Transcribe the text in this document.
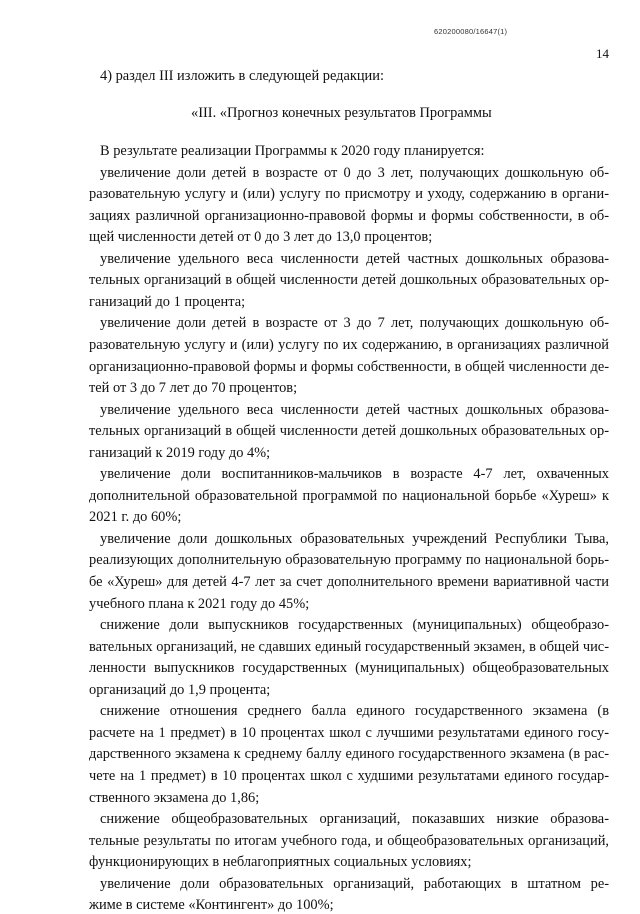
620200080/16647(1)
14
4) раздел III изложить в следующей редакции:
«III. «Прогноз конечных результатов Программы
В результате реализации Программы к 2020 году планируется:
увеличение доли детей в возрасте от 0 до 3 лет, получающих дошкольную об-
разовательную услугу и (или) услугу по присмотру и уходу, содержанию в органи-
зациях различной организационно-правовой формы и формы собственности, в об-
щей численности детей от 0 до 3 лет до 13,0 процентов;
увеличение удельного веса численности детей частных дошкольных образова-
тельных организаций в общей численности детей дошкольных образовательных ор-
ганизаций до 1 процента;
увеличение доли детей в возрасте от 3 до 7 лет, получающих дошкольную об-
разовательную услугу и (или) услугу по их содержанию, в организациях различной
организационно-правовой формы и формы собственности, в общей численности де-
тей от 3 до 7 лет до 70 процентов;
увеличение удельного веса численности детей частных дошкольных образова-
тельных организаций в общей численности детей дошкольных образовательных ор-
ганизаций к 2019 году до 4%;
увеличение доли воспитанников-мальчиков в возрасте 4-7 лет, охваченных
дополнительной образовательной программой по национальной борьбе «Хуреш» к
2021 г. до 60%;
увеличение доли дошкольных образовательных учреждений Республики Тыва,
реализующих дополнительную образовательную программу по национальной борь-
бе «Хуреш» для детей 4-7 лет за счет дополнительного времени вариативной части
учебного плана к 2021 году до 45%;
снижение доли выпускников государственных (муниципальных) общеобразо-
вательных организаций, не сдавших единый государственный экзамен, в общей чис-
ленности выпускников государственных (муниципальных) общеобразовательных
организаций до 1,9 процента;
снижение отношения среднего балла единого государственного экзамена (в
расчете на 1 предмет) в 10 процентах школ с лучшими результатами единого госу-
дарственного экзамена к среднему баллу единого государственного экзамена (в рас-
чете на 1 предмет) в 10 процентах школ с худшими результатами единого государ-
ственного экзамена до 1,86;
снижение общеобразовательных организаций, показавших низкие образова-
тельные результаты по итогам учебного года, и общеобразовательных организаций,
функционирующих в неблагоприятных социальных условиях;
увеличение доли образовательных организаций, работающих в штатном ре-
жиме в системе «Контингент» до 100%;
